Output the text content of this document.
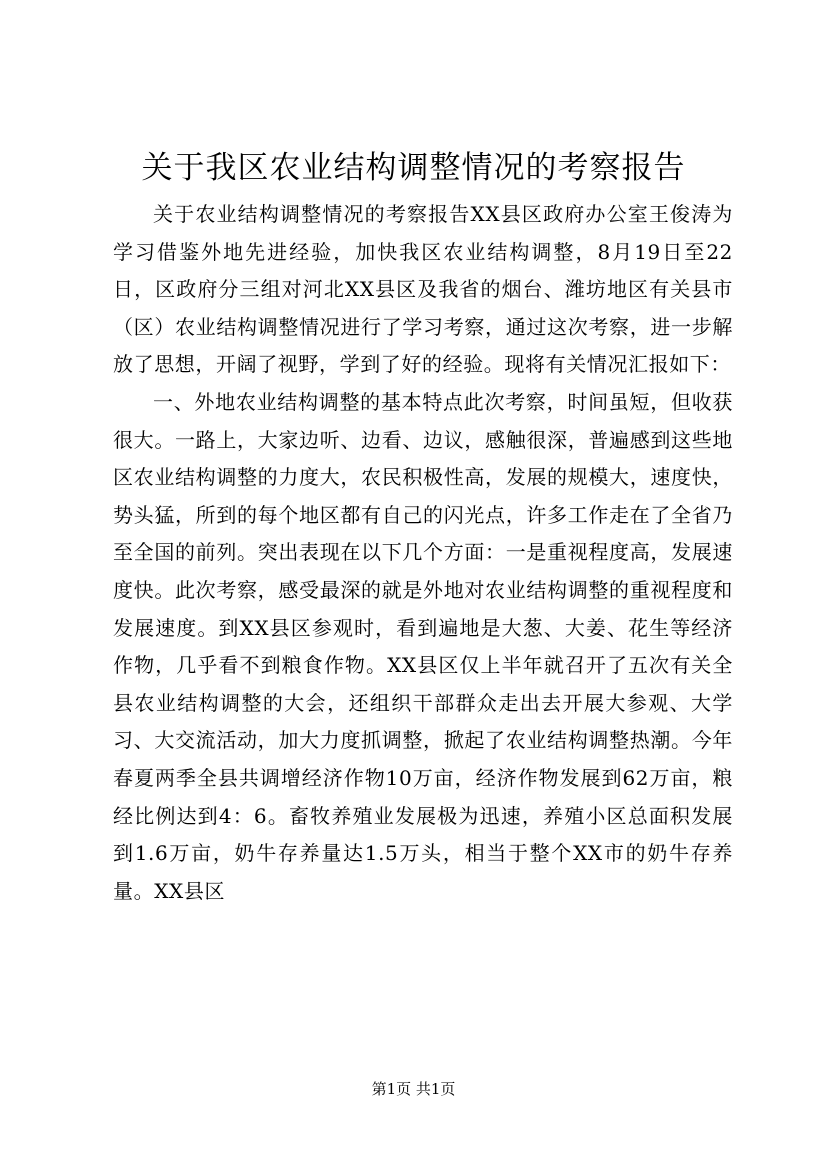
关于我区农业结构调整情况的考察报告

关于农业结构调整情况的考察报告XX县区政府办公室王俊涛为学习借鉴外地先进经验，加快我区农业结构调整，8月19日至22日，区政府分三组对河北XX县区及我省的烟台、潍坊地区有关县市（区）农业结构调整情况进行了学习考察，通过这次考察，进一步解放了思想，开阔了视野，学到了好的经验。现将有关情况汇报如下：

一、外地农业结构调整的基本特点此次考察，时间虽短，但收获很大。一路上，大家边听、边看、边议，感触很深，普遍感到这些地区农业结构调整的力度大，农民积极性高，发展的规模大，速度快，势头猛，所到的每个地区都有自己的闪光点，许多工作走在了全省乃至全国的前列。突出表现在以下几个方面：一是重视程度高，发展速度快。此次考察，感受最深的就是外地对农业结构调整的重视程度和发展速度。到XX县区参观时，看到遍地是大葱、大姜、花生等经济作物，几乎看不到粮食作物。XX县区仅上半年就召开了五次有关全县农业结构调整的大会，还组织干部群众走出去开展大参观、大学习、大交流活动，加大力度抓调整，掀起了农业结构调整热潮。今年春夏两季全县共调增经济作物10万亩，经济作物发展到62万亩，粮经比例达到4：6。畜牧养殖业发展极为迅速，养殖小区总面积发展到1.6万亩，奶牛存养量达1.5万头，相当于整个XX市的奶牛存养量。XX县区

第1页 共1页
